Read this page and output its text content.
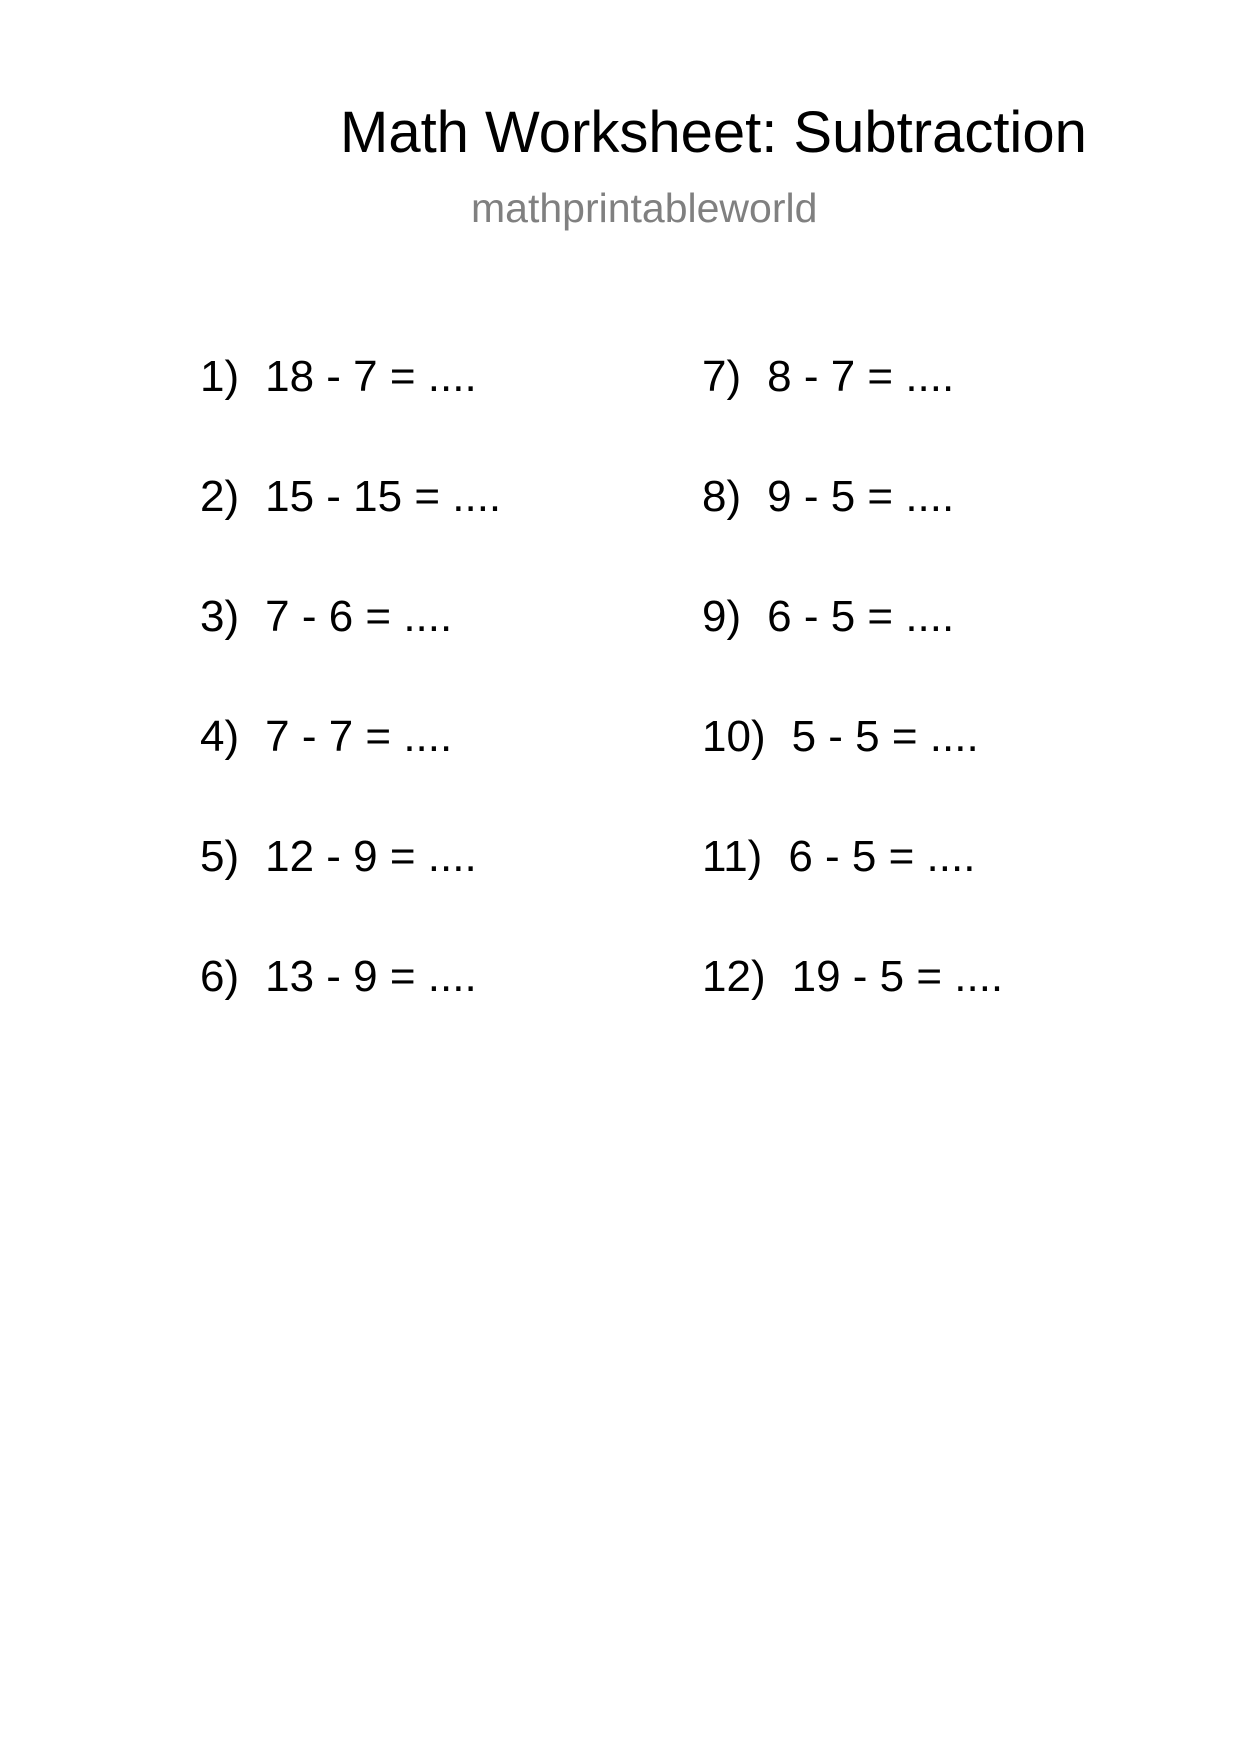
Math Worksheet: Subtraction
mathprintableworld
1) 18 - 7 = ....
2) 15 - 15 = ....
3) 7 - 6 = ....
4) 7 - 7 = ....
5) 12 - 9 = ....
6) 13 - 9 = ....
7) 8 - 7 = ....
8) 9 - 5 = ....
9) 6 - 5 = ....
10) 5 - 5 = ....
11) 6 - 5 = ....
12) 19 - 5 = ....
